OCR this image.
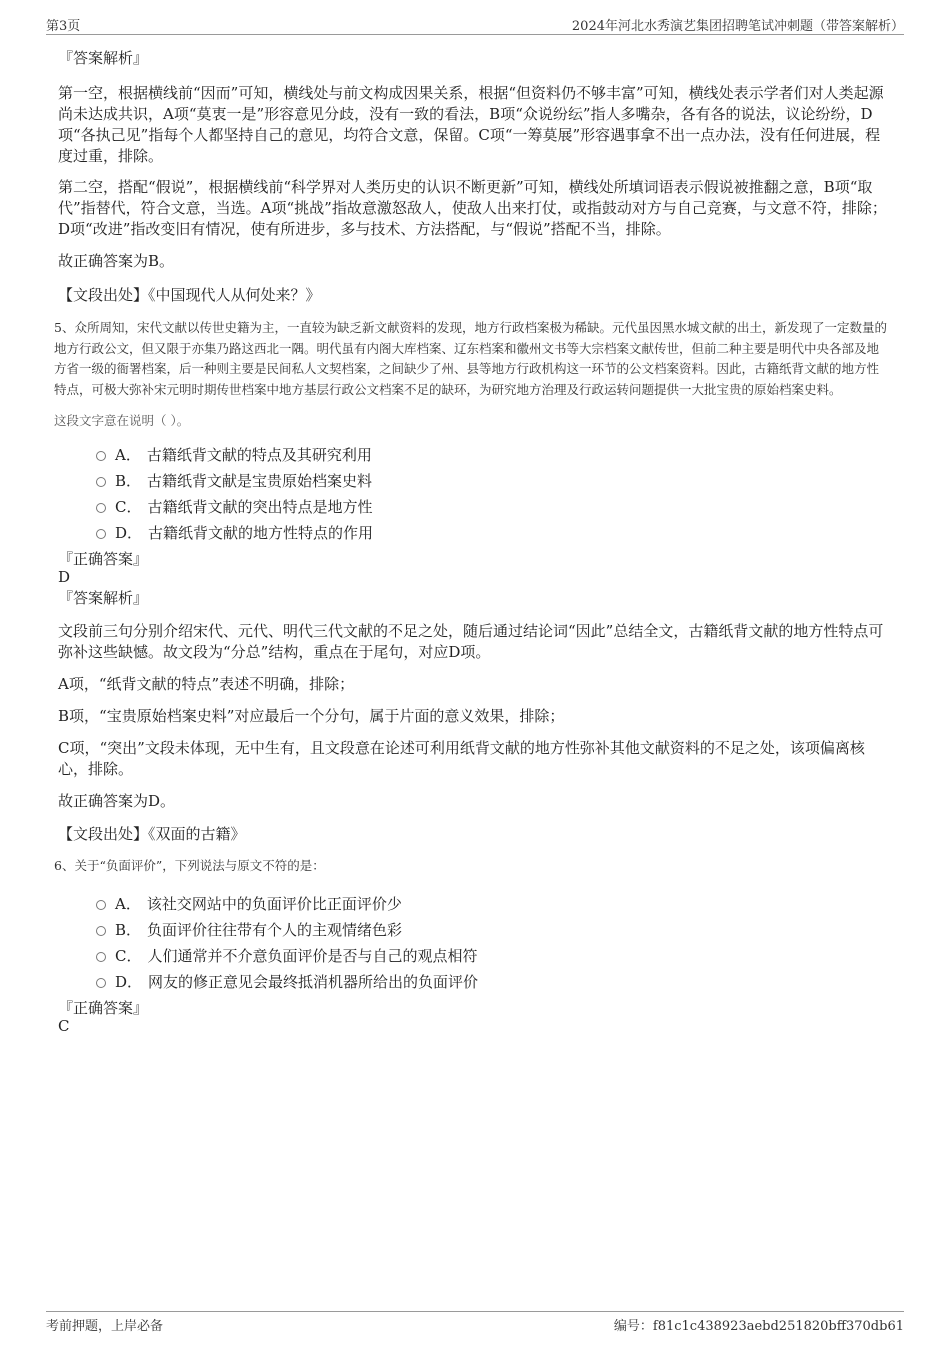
第3页	2024年河北水秀演艺集团招聘笔试冲刺题（带答案解析）

『答案解析』

第一空，根据横线前“因而”可知，横线处与前文构成因果关系，根据“但资料仍不够丰富”可知，横线处表示学者们对人类起源尚未达成共识，A项“莫衷一是”形容意见分歧，没有一致的看法，B项“众说纷纭”指人多嘴杂，各有各的说法，议论纷纷，D项“各执己见”指每个人都坚持自己的意见，均符合文意，保留。C项“一筹莫展”形容遇事拿不出一点办法，没有任何进展，程度过重，排除。

第二空，搭配“假说”，根据横线前“科学界对人类历史的认识不断更新”可知，横线处所填词语表示假说被推翻之意，B项“取代”指替代，符合文意，当选。A项“挑战”指故意激怒敌人，使敌人出来打仗，或指鼓动对方与自己竞赛，与文意不符，排除；D项“改进”指改变旧有情况，使有所进步，多与技术、方法搭配，与“假说”搭配不当，排除。

故正确答案为B。

【文段出处】《中国现代人从何处来？》

5、众所周知，宋代文献以传世史籍为主，一直较为缺乏新文献资料的发现，地方行政档案极为稀缺。元代虽因黑水城文献的出土，新发现了一定数量的地方行政公文，但又限于亦集乃路这西北一隅。明代虽有内阁大库档案、辽东档案和徽州文书等大宗档案文献传世，但前二种主要是明代中央各部及地方省一级的衙署档案，后一种则主要是民间私人文契档案，之间缺少了州、县等地方行政机构这一环节的公文档案资料。因此，古籍纸背文献的地方性特点，可极大弥补宋元明时期传世档案中地方基层行政公文档案不足的缺环，为研究地方治理及行政运转问题提供一大批宝贵的原始档案史料。

这段文字意在说明（ ）。

A． 古籍纸背文献的特点及其研究利用
B． 古籍纸背文献是宝贵原始档案史料
C． 古籍纸背文献的突出特点是地方性
D． 古籍纸背文献的地方性特点的作用

『正确答案』

D

『答案解析』

文段前三句分别介绍宋代、元代、明代三代文献的不足之处，随后通过结论词“因此”总结全文，古籍纸背文献的地方性特点可弥补这些缺憾。故文段为“分总”结构，重点在于尾句，对应D项。

A项，“纸背文献的特点”表述不明确，排除；

B项，“宝贵原始档案史料”对应最后一个分句，属于片面的意义效果，排除；

C项，“突出”文段未体现，无中生有，且文段意在论述可利用纸背文献的地方性弥补其他文献资料的不足之处，该项偏离核心，排除。

故正确答案为D。

【文段出处】《双面的古籍》

6、关于“负面评价”，下列说法与原文不符的是：

A． 该社交网站中的负面评价比正面评价少
B． 负面评价往往带有个人的主观情绪色彩
C． 人们通常并不介意负面评价是否与自己的观点相符
D． 网友的修正意见会最终抵消机器所给出的负面评价

『正确答案』

C

考前押题，上岸必备	编号：f81c1c438923aebd251820bff370db61
